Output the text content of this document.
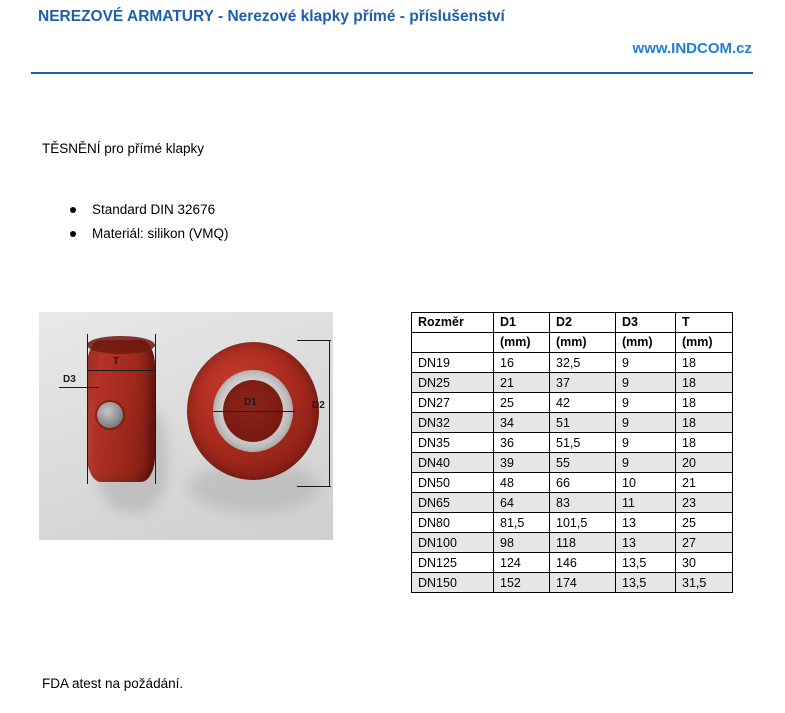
NEREZOVÉ ARMATURY - Nerezové klapky přímé - příslušenství
www.INDCOM.cz
TĚSNĚNÍ pro přímé klapky
Standard DIN 32676
Materiál: silikon (VMQ)
T
D3
D1	D2
Rozměr	D1	D2	D3	T
	(mm)	(mm)	(mm)	(mm)
DN19	16	32,5	9	18
DN25	21	37	9	18
DN27	25	42	9	18
DN32	34	51	9	18
DN35	36	51,5	9	18
DN40	39	55	9	20
DN50	48	66	10	21
DN65	64	83	11	23
DN80	81,5	101,5	13	25
DN100	98	118	13	27
DN125	124	146	13,5	30
DN150	152	174	13,5	31,5
FDA atest na požádání.
